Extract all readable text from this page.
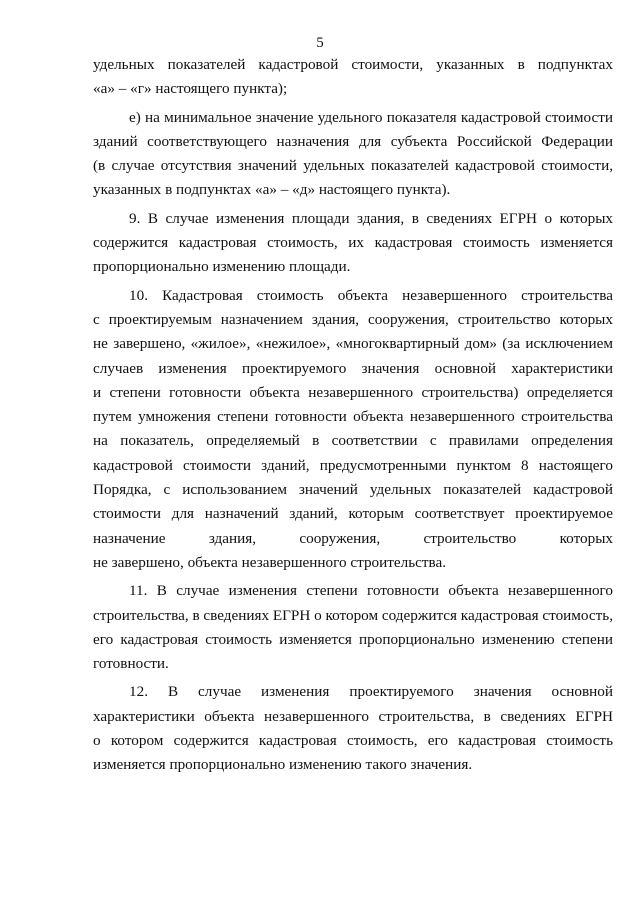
5
удельных показателей кадастровой стоимости, указанных в подпунктах
«а» – «г» настоящего пункта);
е) на минимальное значение удельного показателя кадастровой стоимости
зданий соответствующего назначения для субъекта Российской Федерации
(в случае отсутствия значений удельных показателей кадастровой стоимости,
указанных в подпунктах «а» – «д» настоящего пункта).
9. В случае изменения площади здания, в сведениях ЕГРН о которых
содержится кадастровая стоимость, их кадастровая стоимость изменяется
пропорционально изменению площади.
10. Кадастровая стоимость объекта незавершенного строительства
с проектируемым назначением здания, сооружения, строительство которых
не завершено, «жилое», «нежилое», «многоквартирный дом» (за исключением
случаев изменения проектируемого значения основной характеристики
и степени готовности объекта незавершенного строительства) определяется
путем умножения степени готовности объекта незавершенного строительства
на показатель, определяемый в соответствии с правилами определения
кадастровой стоимости зданий, предусмотренными пунктом 8 настоящего
Порядка, с использованием значений удельных показателей кадастровой
стоимости для назначений зданий, которым соответствует проектируемое
назначение здания, сооружения, строительство которых
не завершено, объекта незавершенного строительства.
11. В случае изменения степени готовности объекта незавершенного
строительства, в сведениях ЕГРН о котором содержится кадастровая стоимость,
его кадастровая стоимость изменяется пропорционально изменению степени
готовности.
12. В случае изменения проектируемого значения основной
характеристики объекта незавершенного строительства, в сведениях ЕГРН
о котором содержится кадастровая стоимость, его кадастровая стоимость
изменяется пропорционально изменению такого значения.
